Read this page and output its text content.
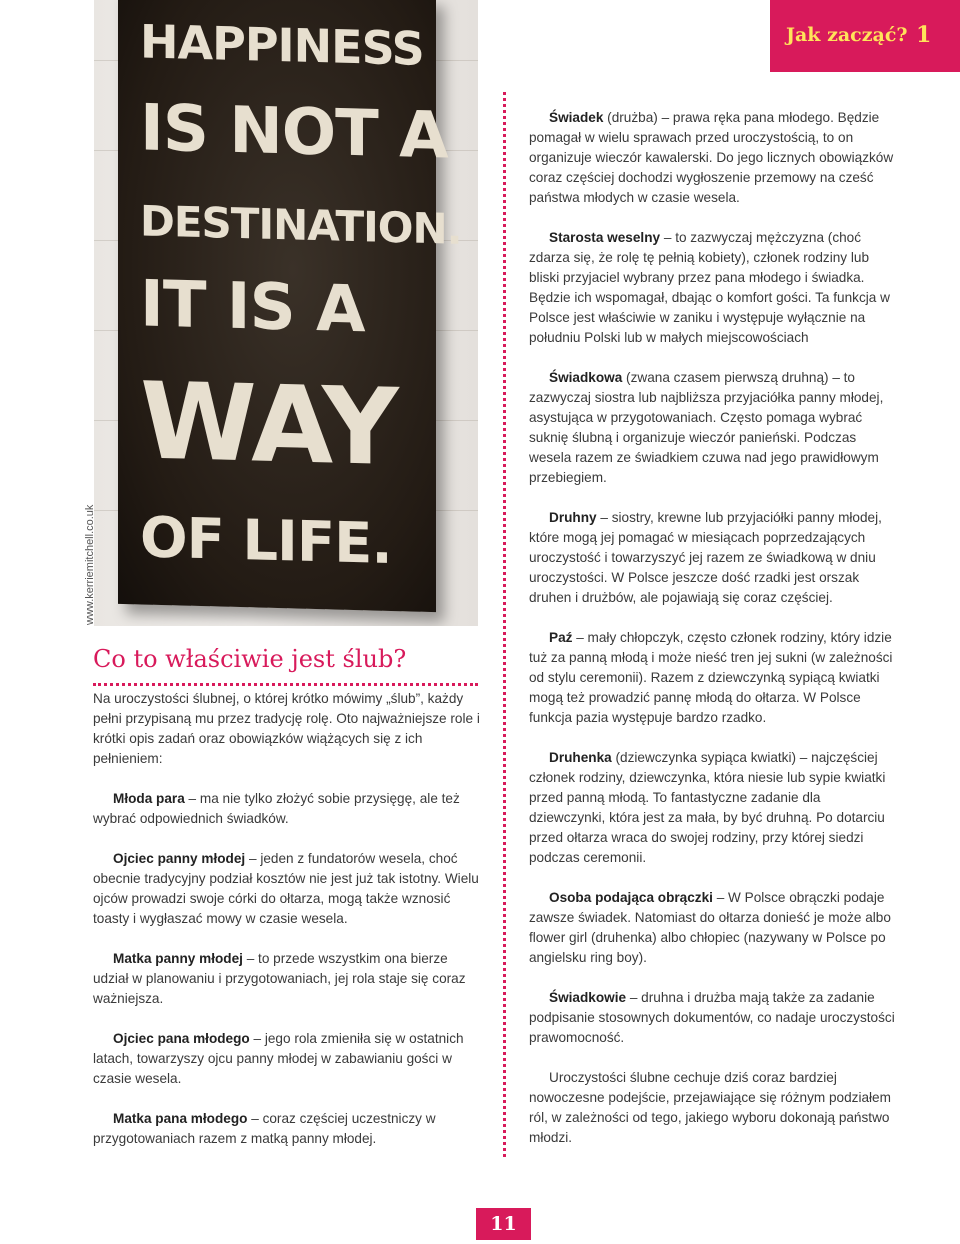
Jak zacząć? 1
HAPPINESS
IS NOT A
DESTINATION.
IT IS A
WAY
OF LIFE.
www.kerriemitchell.co.uk
Co to właściwie jest ślub?

Na uroczystości ślubnej, o której krótko mówimy „ślub”, każdy pełni przypisaną mu przez tradycję rolę. Oto najważniejsze role i krótki opis zadań oraz obowiązków wiążących się z ich pełnieniem:

Młoda para – ma nie tylko złożyć sobie przysięgę, ale też wybrać odpowiednich świadków.

Ojciec panny młodej – jeden z fundatorów wesela, choć obecnie tradycyjny podział kosztów nie jest już tak istotny. Wielu ojców prowadzi swoje córki do ołtarza, mogą także wznosić toasty i wygłaszać mowy w czasie wesela.

Matka panny młodej – to przede wszystkim ona bierze udział w planowaniu i przygotowaniach, jej rola staje się coraz ważniejsza.

Ojciec pana młodego – jego rola zmieniła się w ostatnich latach, towarzyszy ojcu panny młodej w zabawianiu gości w czasie wesela.

Matka pana młodego – coraz częściej uczestniczy w przygotowaniach razem z matką panny młodej.

Świadek (drużba) – prawa ręka pana młodego. Będzie pomagał w wielu sprawach przed uroczystością, to on organizuje wieczór kawalerski. Do jego licznych obowiązków coraz częściej dochodzi wygłoszenie przemowy na cześć państwa młodych w czasie wesela.

Starosta weselny – to zazwyczaj mężczyzna (choć zdarza się, że rolę tę pełnią kobiety), członek rodziny lub bliski przyjaciel wybrany przez pana młodego i świadka. Będzie ich wspomagał, dbając o komfort gości. Ta funkcja w Polsce jest właściwie w zaniku i występuje wyłącznie na południu Polski lub w małych miejscowościach

Świadkowa (zwana czasem pierwszą druhną) – to zazwyczaj siostra lub najbliższa przyjaciółka panny młodej, asystująca w przygotowaniach. Często pomaga wybrać suknię ślubną i organizuje wieczór panieński. Podczas wesela razem ze świadkiem czuwa nad jego prawidłowym przebiegiem.

Druhny – siostry, krewne lub przyjaciółki panny młodej, które mogą jej pomagać w miesiącach poprzedzających uroczystość i towarzyszyć jej razem ze świadkową w dniu uroczystości. W Polsce jeszcze dość rzadki jest orszak druhen i drużbów, ale pojawiają się coraz częściej.

Paź – mały chłopczyk, często członek rodziny, który idzie tuż za panną młodą i może nieść tren jej sukni (w zależności od stylu ceremonii). Razem z dziewczynką sypiącą kwiatki mogą też prowadzić pannę młodą do ołtarza. W Polsce funkcja pazia występuje bardzo rzadko.

Druhenka (dziewczynka sypiąca kwiatki) – najczęściej członek rodziny, dziewczynka, która niesie lub sypie kwiatki przed panną młodą. To fantastyczne zadanie dla dziewczynki, która jest za mała, by być druhną. Po dotarciu przed ołtarza wraca do swojej rodziny, przy której siedzi podczas ceremonii.

Osoba podająca obrączki – W Polsce obrączki podaje zawsze świadek. Natomiast do ołtarza donieść je może albo flower girl (druhenka) albo chłopiec (nazywany w Polsce po angielsku ring boy).

Świadkowie – druhna i drużba mają także za zadanie podpisanie stosownych dokumentów, co nadaje uroczystości prawomocność.

Uroczystości ślubne cechuje dziś coraz bardziej nowoczesne podejście, przejawiające się różnym podziałem ról, w zależności od tego, jakiego wyboru dokonają państwo młodzi.

11
